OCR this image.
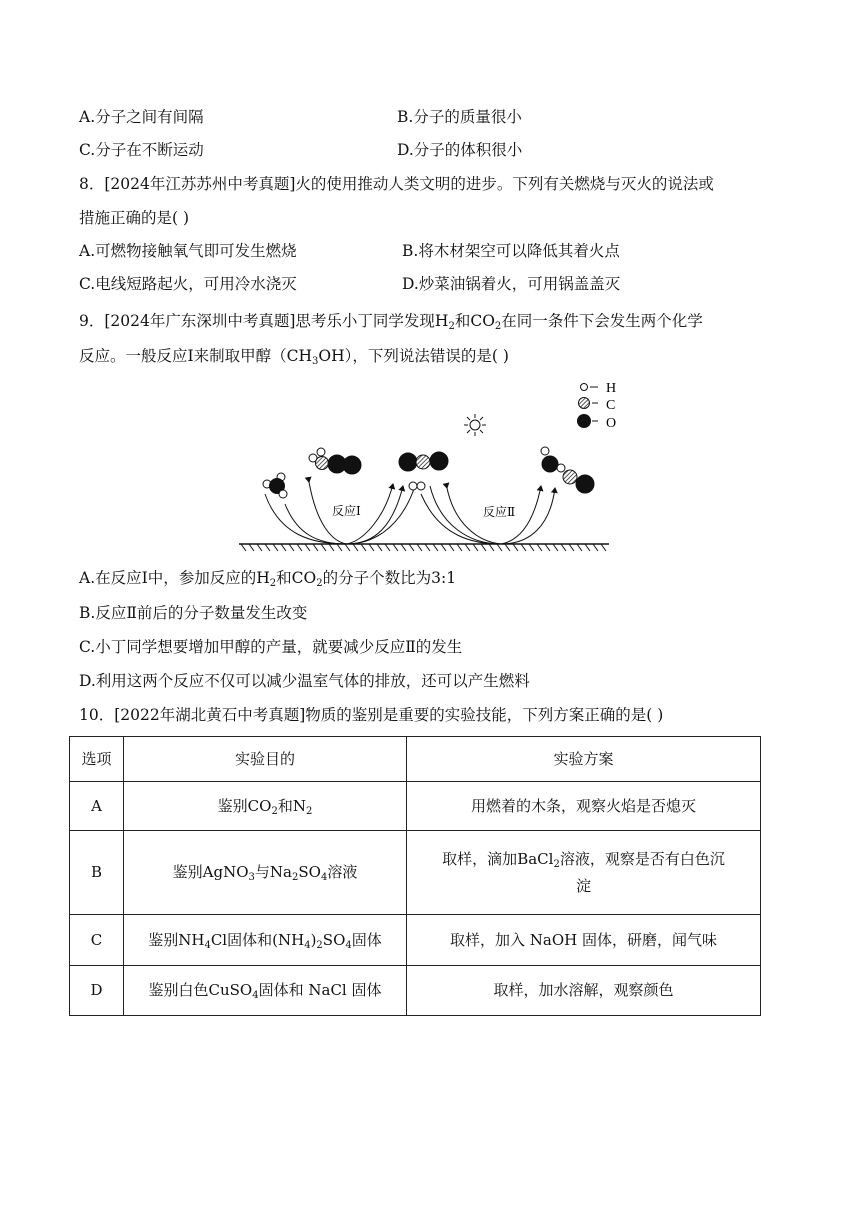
A.分子之间有间隔	B.分子的质量很小
C.分子在不断运动	D.分子的体积很小
8．[2024年江苏苏州中考真题]火的使用推动人类文明的进步。下列有关燃烧与灭火的说法或
措施正确的是( )
A.可燃物接触氧气即可发生燃烧	B.将木材架空可以降低其着火点
C.电线短路起火，可用冷水浇灭	D.炒菜油锅着火，可用锅盖盖灭
9．[2024年广东深圳中考真题]思考乐小丁同学发现$H_2$和$CO_2$在同一条件下会发生两个化学
反应。一般反应Ⅰ来制取甲醇$(CH_3OH)$，下列说法错误的是( )
H
C
O
反应Ⅰ	反应Ⅱ
A.在反应Ⅰ中，参加反应的$H_2$和$CO_2$的分子个数比为3:1
B.反应Ⅱ前后的分子数量发生改变
C.小丁同学想要增加甲醇的产量，就要减少反应Ⅱ的发生
D.利用这两个反应不仅可以减少温室气体的排放，还可以产生燃料
10．[2022年湖北黄石中考真题]物质的鉴别是重要的实验技能，下列方案正确的是( )
选项	实验目的	实验方案
A	鉴别$CO_2$和$N_2$	用燃着的木条，观察火焰是否熄灭
B	鉴别AgNO$_3$与$Na_2SO_4$溶液	取样，滴加BaCl$_2$溶液，观察是否有白色沉
淀
C	鉴别$NH_4Cl$固体和$(NH_4)_2SO_4$固体	取样，加入 NaOH 固体，研磨，闻气味
D	鉴别白色CuSO$_4$固体和 NaCl 固体	取样，加水溶解，观察颜色
